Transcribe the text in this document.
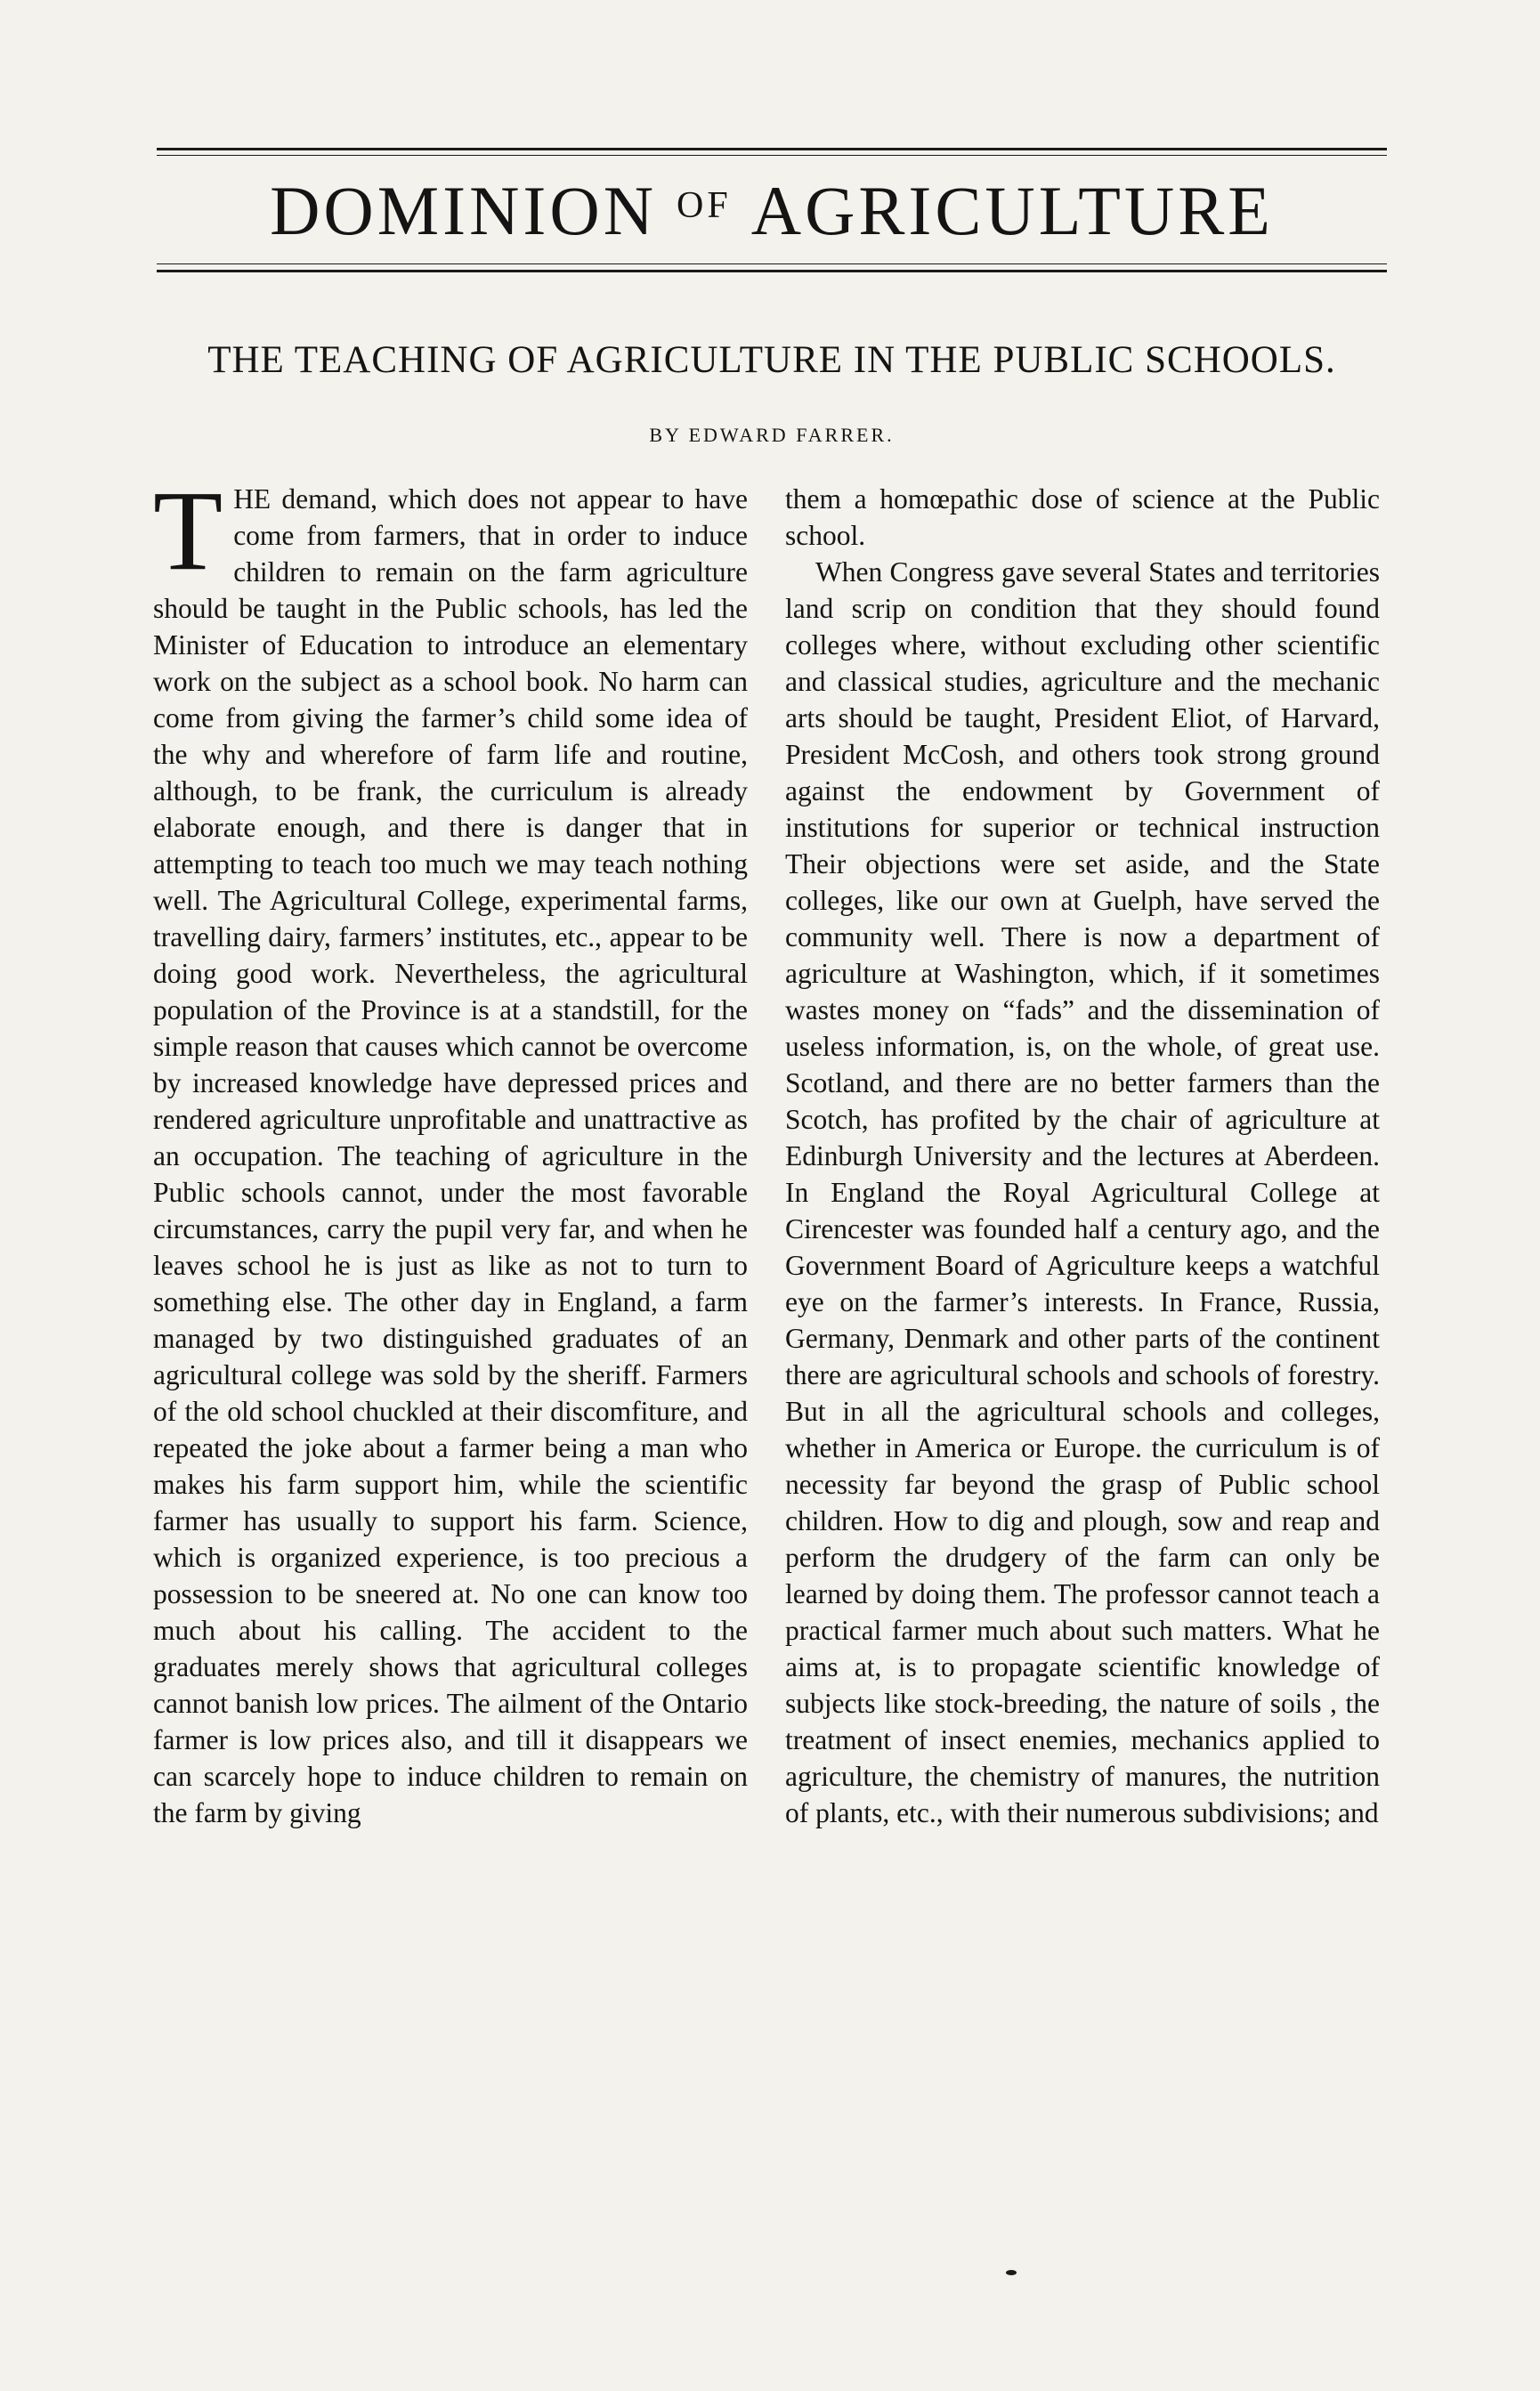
DOMINION OF AGRICULTURE
THE TEACHING OF AGRICULTURE IN THE PUBLIC SCHOOLS.
BY EDWARD FARRER.

THE demand, which does not appear to have come from farmers, that in order to induce children to remain on the farm agriculture should be taught in the Public schools, has led the Minister of Education to introduce an elementary work on the subject as a school book. No harm can come from giving the farmer’s child some idea of the why and wherefore of farm life and routine, although, to be frank, the curriculum is already elaborate enough, and there is danger that in attempting to teach too much we may teach nothing well. The Agricultural College, experimental farms, travelling dairy, farmers’ institutes, etc., appear to be doing good work. Nevertheless, the agricultural population of the Province is at a standstill, for the simple reason that causes which cannot be overcome by increased knowledge have depressed prices and rendered agriculture unprofitable and unattractive as an occupation. The teaching of agriculture in the Public schools cannot, under the most favorable circumstances, carry the pupil very far, and when he leaves school he is just as like as not to turn to something else. The other day in England, a farm managed by two distinguished graduates of an agricultural college was sold by the sheriff. Farmers of the old school chuckled at their discomfiture, and repeated the joke about a farmer being a man who makes his farm support him, while the scientific farmer has usually to support his farm. Science, which is organized experience, is too precious a possession to be sneered at. No one can know too much about his calling. The accident to the graduates merely shows that agricultural colleges cannot banish low prices. The ailment of the Ontario farmer is low prices also, and till it disappears we can scarcely hope to induce children to remain on the farm by giving

them a homœpathic dose of science at the Public school.

When Congress gave several States and territories land scrip on condition that they should found colleges where, without excluding other scientific and classical studies, agriculture and the mechanic arts should be taught, President Eliot, of Harvard, President McCosh, and others took strong ground against the endowment by Government of institutions for superior or technical instruction Their objections were set aside, and the State colleges, like our own at Guelph, have served the community well. There is now a department of agriculture at Washington, which, if it sometimes wastes money on “fads” and the dissemination of useless information, is, on the whole, of great use. Scotland, and there are no better farmers than the Scotch, has profited by the chair of agriculture at Edinburgh University and the lectures at Aberdeen. In England the Royal Agricultural College at Cirencester was founded half a century ago, and the Government Board of Agriculture keeps a watchful eye on the farmer’s interests. In France, Russia, Germany, Denmark and other parts of the continent there are agricultural schools and schools of forestry. But in all the agricultural schools and colleges, whether in America or Europe. the curriculum is of necessity far beyond the grasp of Public school children. How to dig and plough, sow and reap and perform the drudgery of the farm can only be learned by doing them. The professor cannot teach a practical farmer much about such matters. What he aims at, is to propagate scientific knowledge of subjects like stock-breeding, the nature of soils , the treatment of insect enemies, mechanics applied to agriculture, the chemistry of manures, the nutrition of plants, etc., with their numerous subdivisions; and
